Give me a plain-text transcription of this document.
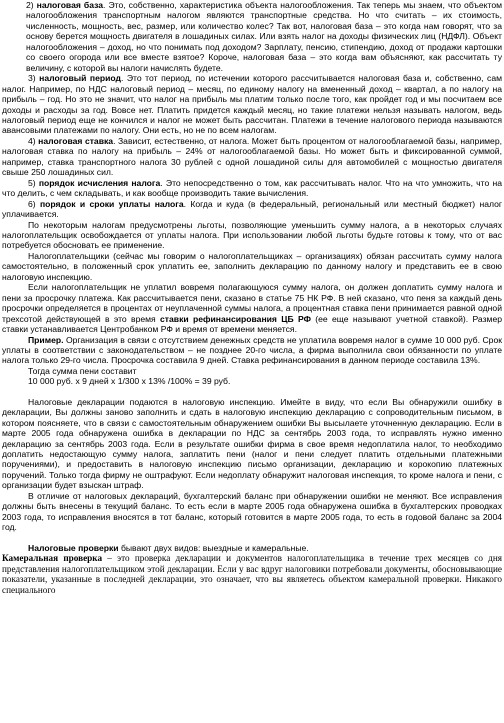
2) налоговая база. Это, собственно, характеристика объекта налогообложения. Так теперь мы знаем, что объектом налогообложения транспортным налогом являются транспортные средства. Но что считать – их стоимость, численность, мощность, вес, размер, или количество колес? Так вот, налоговая база – это когда нам говорят, что за основу берется мощность двигателя в лошадиных силах. Или взять налог на доходы физических лиц (НДФЛ). Объект налогообложения – доход, но что понимать под доходом? Зарплату, пенсию, стипендию, доход от продажи картошки со своего огорода или все вместе взятое? Короче, налоговая база – это когда вам объясняют, как рассчитать ту величину, с которой вы налоги начислять будете.

3) налоговый период. Это тот период, по истечении которого рассчитывается налоговая база и, собственно, сам налог. Например, по НДС налоговый период – месяц, по единому налогу на вмененный доход – квартал, а по налогу на прибыль – год. Но это не значит, что налог на прибыль мы платим только после того, как пройдет год и мы посчитаем все доходы и расходы за год. Вовсе нет. Платить придется каждый месяц, но такие платежи нельзя называть налогом, ведь налоговый период еще не кончился и налог не может быть рассчитан. Платежи в течение налогового периода называются авансовыми платежами по налогу. Они есть, но не по всем налогам.

4) налоговая ставка. Зависит, естественно, от налога. Может быть процентом от налогооблагаемой базы, например, налоговая ставка по налогу на прибыль – 24% от налогооблагаемой базы. Но может быть и фиксированной суммой, например, ставка транспортного налога 30 рублей с одной лошадиной силы для автомобилей с мощностью двигателя свыше 250 лошадиных сил.

5) порядок исчисления налога. Это непосредственно о том, как рассчитывать налог. Что на что умножить, что на что делить, с чем складывать, и как вообще производить такие вычисления.

6) порядок и сроки уплаты налога. Когда и куда (в федеральный, региональный или местный бюджет) налог уплачивается.

По некоторым налогам предусмотрены льготы, позволяющие уменьшить сумму налога, а в некоторых случаях налогоплательщик освобождается от уплаты налога. При использовании любой льготы будьте готовы к тому, что от вас потребуется обосновать ее применение.

Налогоплательщики (сейчас мы говорим о налогоплательщиках – организациях) обязан рассчитать сумму налога самостоятельно, в положенный срок уплатить ее, заполнить декларацию по данному налогу и представить ее в свою налоговую инспекцию.

Если налогоплательщик не уплатил вовремя полагающуюся сумму налога, он должен доплатить сумму налога и пени за просрочку платежа. Как рассчитывается пени, сказано в статье 75 НК РФ. В ней сказано, что пеня за каждый день просрочки определяется в процентах от неуплаченной суммы налога, а процентная ставка пени принимается равной одной трехсотой действующей в это время ставки рефинансирования ЦБ РФ (ее еще называют учетной ставкой). Размер ставки устанавливается Центробанком РФ и время от времени меняется.

Пример. Организация в связи с отсутствием денежных средств не уплатила вовремя налог в сумме 10 000 руб. Срок уплаты в соответствии с законодательством – не позднее 20-го числа, а фирма выполнила свои обязанности по уплате налога только 29-го числа. Просрочка составила 9 дней. Ставка рефинансирования в данном периоде составила 13%.

Тогда сумма пени составит

10 000 руб. х 9 дней х 1/300 х 13% /100% = 39 руб.

Налоговые декларации подаются в налоговую инспекцию. Имейте в виду, что если Вы обнаружили ошибку в декларации, Вы должны заново заполнить и сдать в налоговую инспекцию декларацию с сопроводительным письмом, в котором поясняете, что в связи с самостоятельным обнаружением ошибки Вы высылаете уточненную декларацию. Если в марте 2005 года обнаружена ошибка в декларации по НДС за сентябрь 2003 года, то исправлять нужно именно декларацию за сентябрь 2003 года. Если в результате ошибки фирма в свое время недоплатила налог, то необходимо доплатить недостающую сумму налога, заплатить пени (налог и пени следует платить отдельными платежными поручениями), и предоставить в налоговую инспекцию письмо организации, декларацию и корокопию платежных поручений. Только тогда фирму не оштрафуют. Если недоплату обнаружит налоговая инспекция, то кроме налога и пени, с организации будет взыскан штраф.

В отличие от налоговых деклараций, бухгалтерский баланс при обнаружении ошибки не меняют. Все исправления должны быть внесены в текущий баланс. То есть если в марте 2005 года обнаружена ошибка в бухгалтерских проводках 2003 года, то исправления вносятся в тот баланс, который готовится в марте 2005 года, то есть в годовой баланс за 2004 год.

Налоговые проверки бывают двух видов: выездные и камеральные.

Камеральная проверка – это проверка декларации и документов налогоплательщика в течение трех месяцев со дня представления налогоплательщиком этой декларации. Если у вас вдруг налоговики потребовали документы, обосновывающие показатели, указанные в последней декларации, это означает, что вы являетесь объектом камеральной проверки. Никакого специального
